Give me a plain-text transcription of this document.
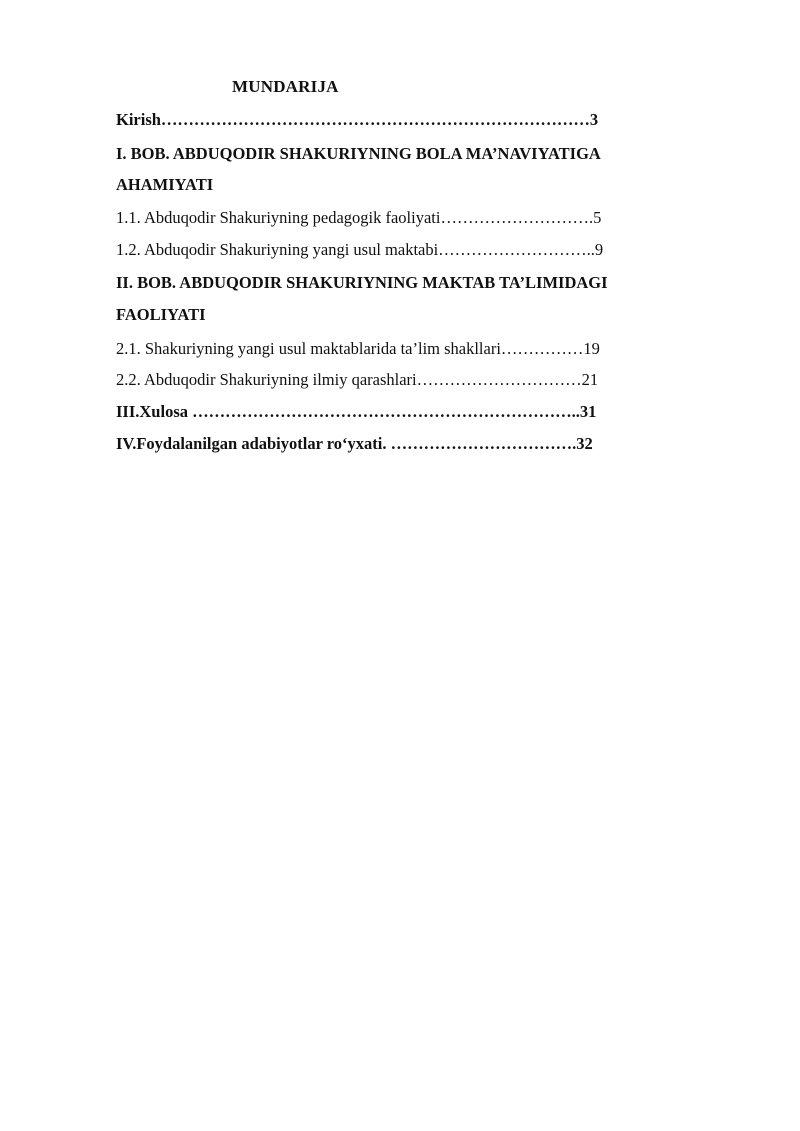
MUNDARIJA
Kirish……………………………………………………………………3
I. BOB. ABDUQODIR SHAKURIYNING BOLA MA’NAVIYATIGA
AHAMIYATI
1.1. Abduqodir Shakuriyning pedagogik faoliyati……………………….5
1.2. Abduqodir Shakuriyning yangi usul maktabi………………………..9
II. BOB. ABDUQODIR SHAKURIYNING MAKTAB TA’LIMIDAGI
FAOLIYATI
2.1. Shakuriyning yangi usul maktablarida ta’lim shakllari……………19
2.2. Abduqodir Shakuriyning ilmiy qarashlari…………………………21
III.Xulosa ……………………………………………………………..31
IV.Foydalanilgan adabiyotlar ro‘yxati. …………………………….32
